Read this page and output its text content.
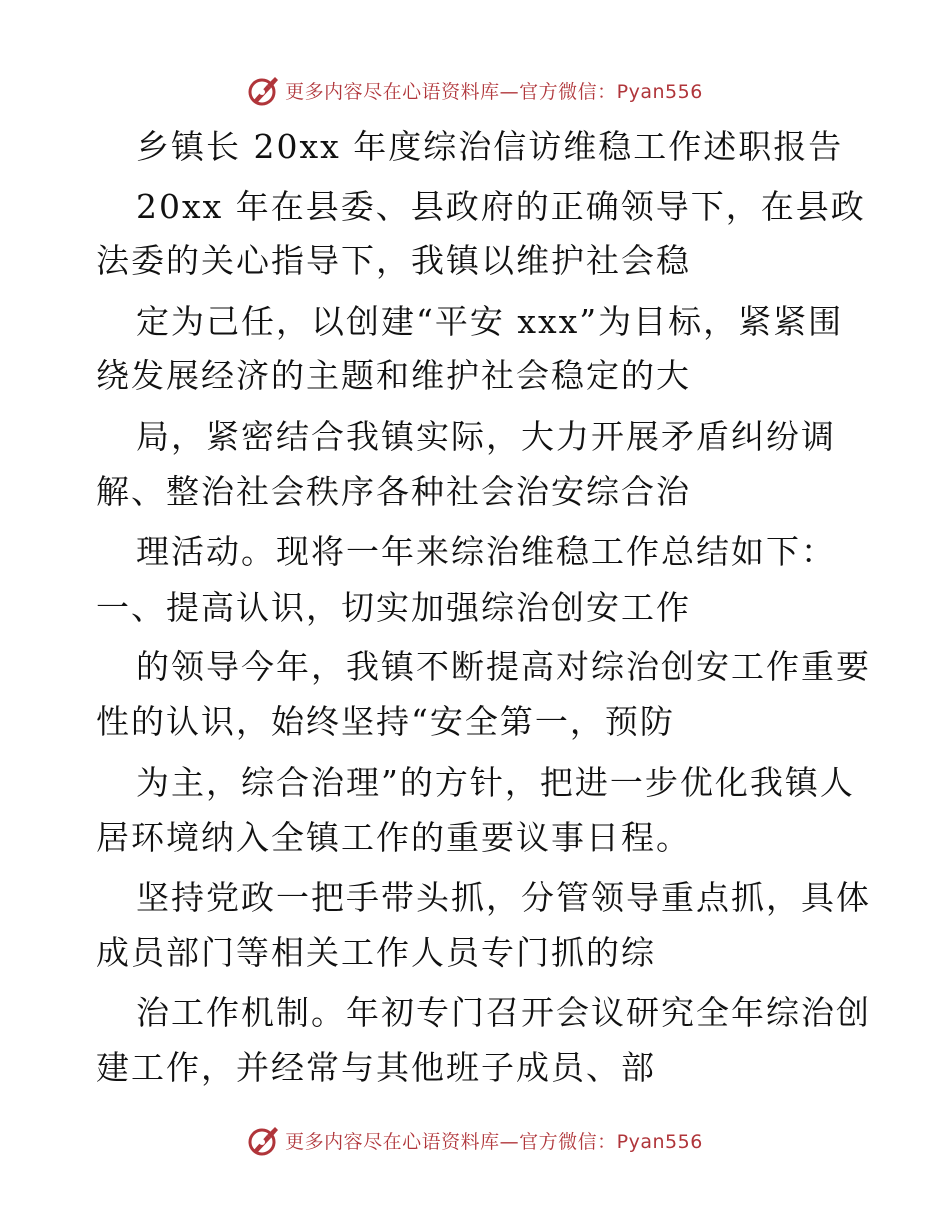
更多内容尽在心语资料库—官方微信：Pyan556
乡镇长 20xx 年度综治信访维稳工作述职报告
20xx 年在县委、县政府的正确领导下，在县政
法委的关心指导下，我镇以维护社会稳
定为己任，以创建“平安 xxx”为目标，紧紧围
绕发展经济的主题和维护社会稳定的大
局，紧密结合我镇实际，大力开展矛盾纠纷调
解、整治社会秩序各种社会治安综合治
理活动。现将一年来综治维稳工作总结如下：
一、提高认识，切实加强综治创安工作
的领导今年，我镇不断提高对综治创安工作重要
性的认识，始终坚持“安全第一，预防
为主，综合治理”的方针，把进一步优化我镇人
居环境纳入全镇工作的重要议事日程。
坚持党政一把手带头抓，分管领导重点抓，具体
成员部门等相关工作人员专门抓的综
治工作机制。年初专门召开会议研究全年综治创
建工作，并经常与其他班子成员、部
更多内容尽在心语资料库—官方微信：Pyan556
